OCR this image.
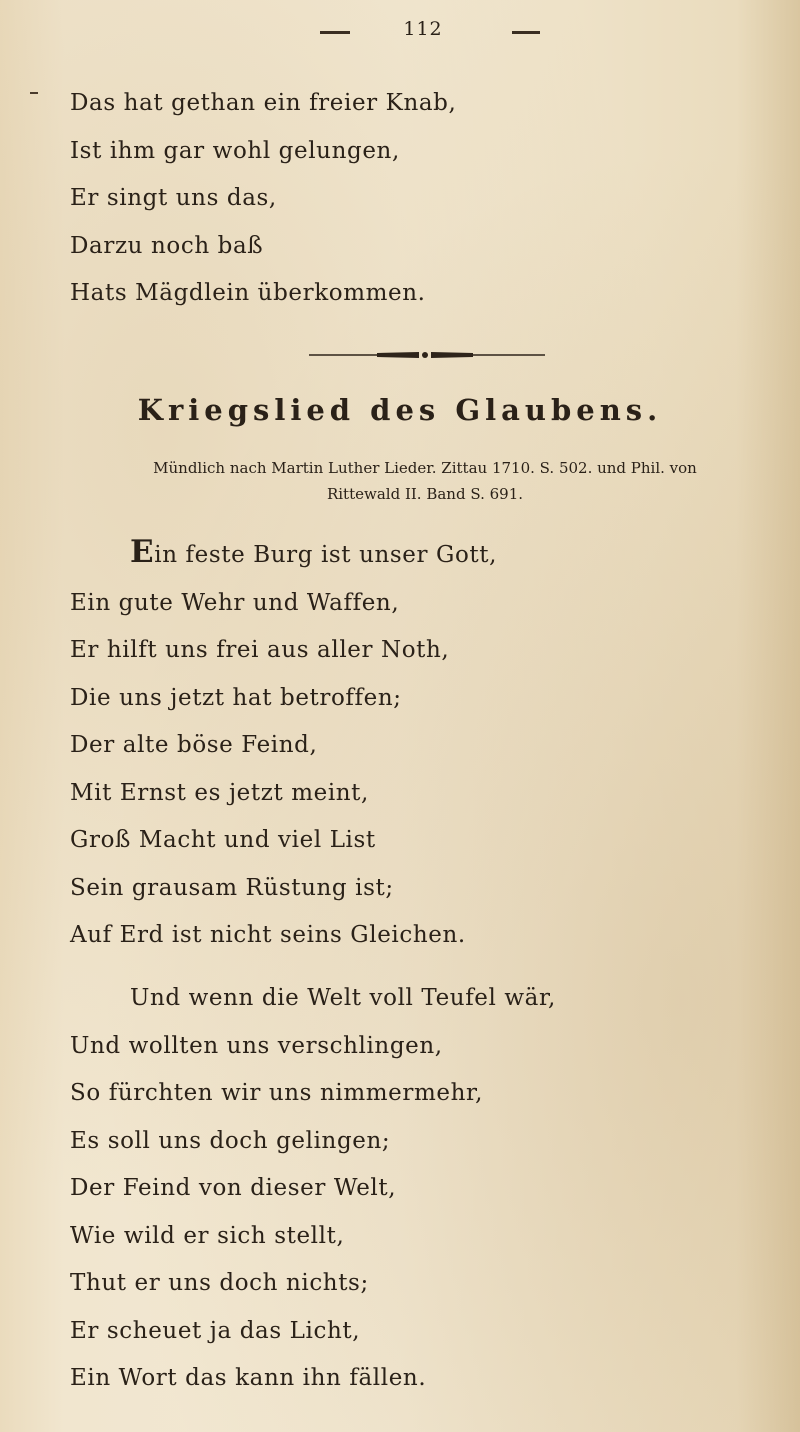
112
Das hat gethan ein freier Knab,
Ist ihm gar wohl gelungen,
Er singt uns das,
Darzu noch baß
Hats Mägdlein überkommen.
Kriegslied des Glaubens.
Mündlich nach Martin Luther Lieder. Zittau 1710. S. 502. und Phil. von
Rittewald II. Band S. 691.
Ein feste Burg ist unser Gott,
Ein gute Wehr und Waffen,
Er hilft uns frei aus aller Noth,
Die uns jetzt hat betroffen;
Der alte böse Feind,
Mit Ernst es jetzt meint,
Groß Macht und viel List
Sein grausam Rüstung ist;
Auf Erd ist nicht seins Gleichen.
Und wenn die Welt voll Teufel wär,
Und wollten uns verschlingen,
So fürchten wir uns nimmermehr,
Es soll uns doch gelingen;
Der Feind von dieser Welt,
Wie wild er sich stellt,
Thut er uns doch nichts;
Er scheuet ja das Licht,
Ein Wort das kann ihn fällen.
